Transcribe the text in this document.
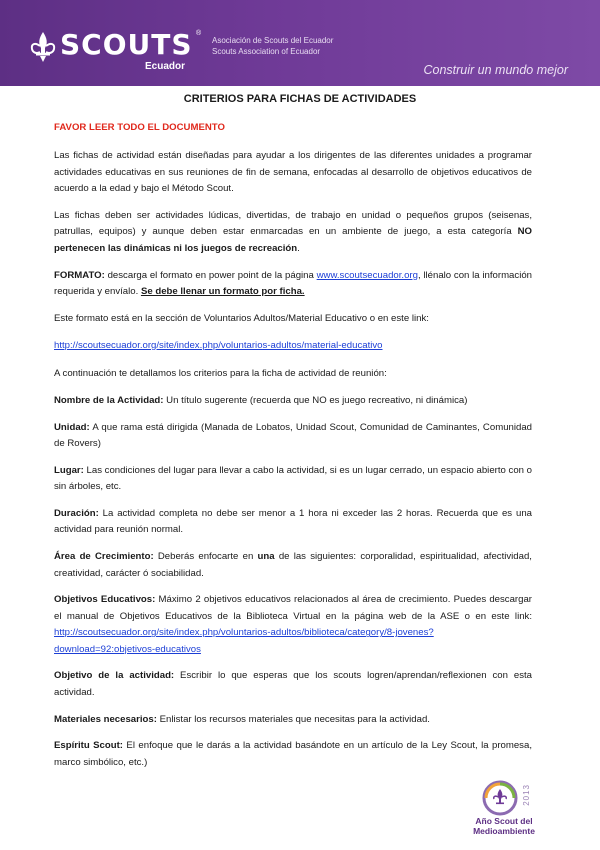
SCOUTS ®
Ecuador
Asociación de Scouts del Ecuador
Scouts Association of Ecuador
Construir un mundo mejor
CRITERIOS PARA FICHAS DE ACTIVIDADES

FAVOR LEER TODO EL DOCUMENTO

Las fichas de actividad están diseñadas para ayudar a los dirigentes de las diferentes unidades a programar actividades educativas en sus reuniones de fin de semana, enfocadas al desarrollo de objetivos educativos de acuerdo a la edad y bajo el Método Scout.

Las fichas deben ser actividades lúdicas, divertidas, de trabajo en unidad o pequeños grupos (seisenas, patrullas, equipos) y aunque deben estar enmarcadas en un ambiente de juego, a esta categoría NO pertenecen las dinámicas ni los juegos de recreación.

FORMATO: descarga el formato en power point de la página www.scoutsecuador.org, llénalo con la información requerida y envíalo. Se debe llenar un formato por ficha.

Este formato está en la sección de Voluntarios Adultos/Material Educativo o en este link:

http://scoutsecuador.org/site/index.php/voluntarios-adultos/material-educativo

A continuación te detallamos los criterios para la ficha de actividad de reunión:

Nombre de la Actividad: Un título sugerente (recuerda que NO es juego recreativo, ni dinámica)

Unidad: A que rama está dirigida (Manada de Lobatos, Unidad Scout, Comunidad de Caminantes, Comunidad de Rovers)

Lugar: Las condiciones del lugar para llevar a cabo la actividad, si es un lugar cerrado, un espacio abierto con o sin árboles, etc.

Duración: La actividad completa no debe ser menor a 1 hora ni exceder las 2 horas. Recuerda que es una actividad para reunión normal.

Área de Crecimiento: Deberás enfocarte en una de las siguientes: corporalidad, espiritualidad, afectividad, creatividad, carácter ó sociabilidad.

Objetivos Educativos: Máximo 2 objetivos educativos relacionados al área de crecimiento. Puedes descargar el manual de Objetivos Educativos de la Biblioteca Virtual en la página web de la ASE o en este link: http://scoutsecuador.org/site/index.php/voluntarios-adultos/biblioteca/category/8-jovenes?download=92:objetivos-educativos

Objetivo de la actividad: Escribir lo que esperas que los scouts logren/aprendan/reflexionen con esta actividad.

Materiales necesarios: Enlistar los recursos materiales que necesitas para la actividad.

Espíritu Scout: El enfoque que le darás a la actividad basándote en un artículo de la Ley Scout, la promesa, marco simbólico, etc.)

2013
Año Scout del
Medioambiente
